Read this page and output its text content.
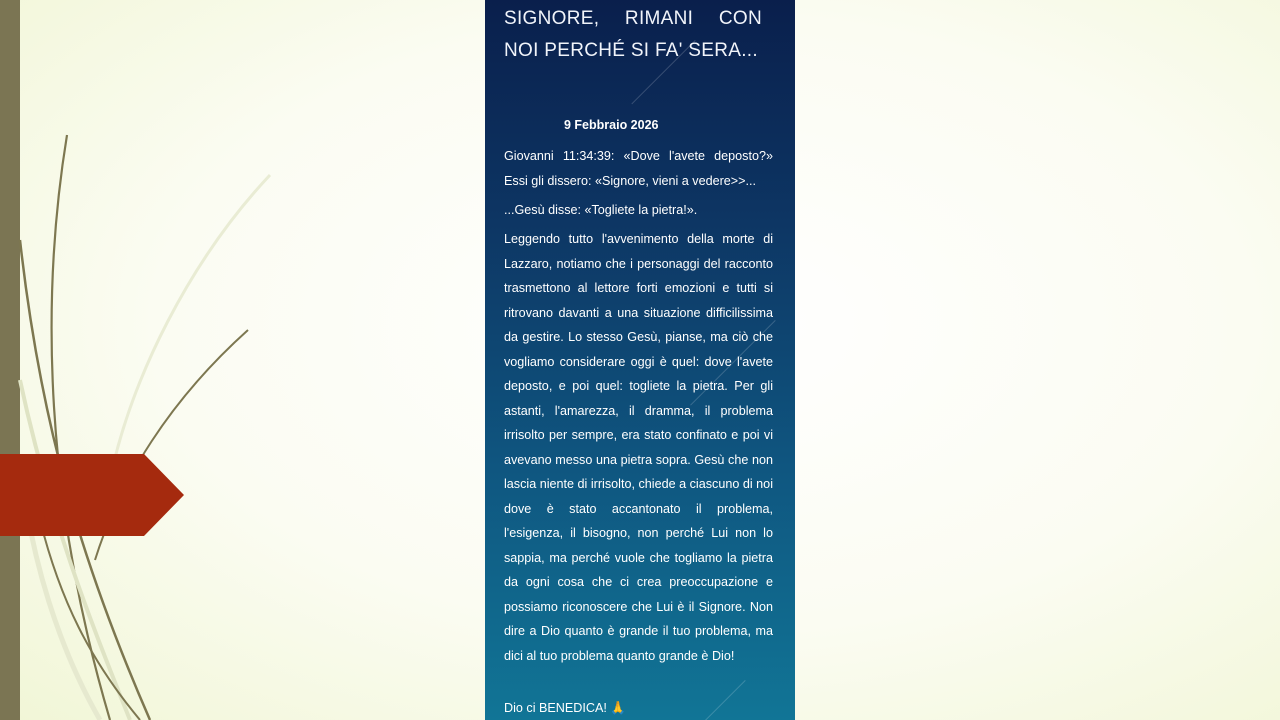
SIGNORE, RIMANI CON NOI PERCHÉ SI FA' SERA...
9 Febbraio 2026
Giovanni 11:34:39: «Dove l'avete deposto?» Essi gli dissero: «Signore, vieni a vedere>>...
...Gesù disse: «Togliete la pietra!».
Leggendo tutto l'avvenimento della morte di Lazzaro, notiamo che i personaggi del racconto trasmettono al lettore forti emozioni e tutti si ritrovano davanti a una situazione difficilissima da gestire. Lo stesso Gesù, pianse, ma ciò che vogliamo considerare oggi è quel: dove l'avete deposto, e poi quel: togliete la pietra. Per gli astanti, l'amarezza, il dramma, il problema irrisolto per sempre, era stato confinato e poi vi avevano messo una pietra sopra. Gesù che non lascia niente di irrisolto, chiede a ciascuno di noi dove è stato accantonato il problema, l'esigenza, il bisogno, non perché Lui non lo sappia, ma perché vuole che togliamo la pietra da ogni cosa che ci crea preoccupazione e possiamo riconoscere che Lui è il Signore. Non dire a Dio quanto è grande il tuo problema, ma dici al tuo problema quanto grande è Dio!
Dio ci BENEDICA! 🙏
